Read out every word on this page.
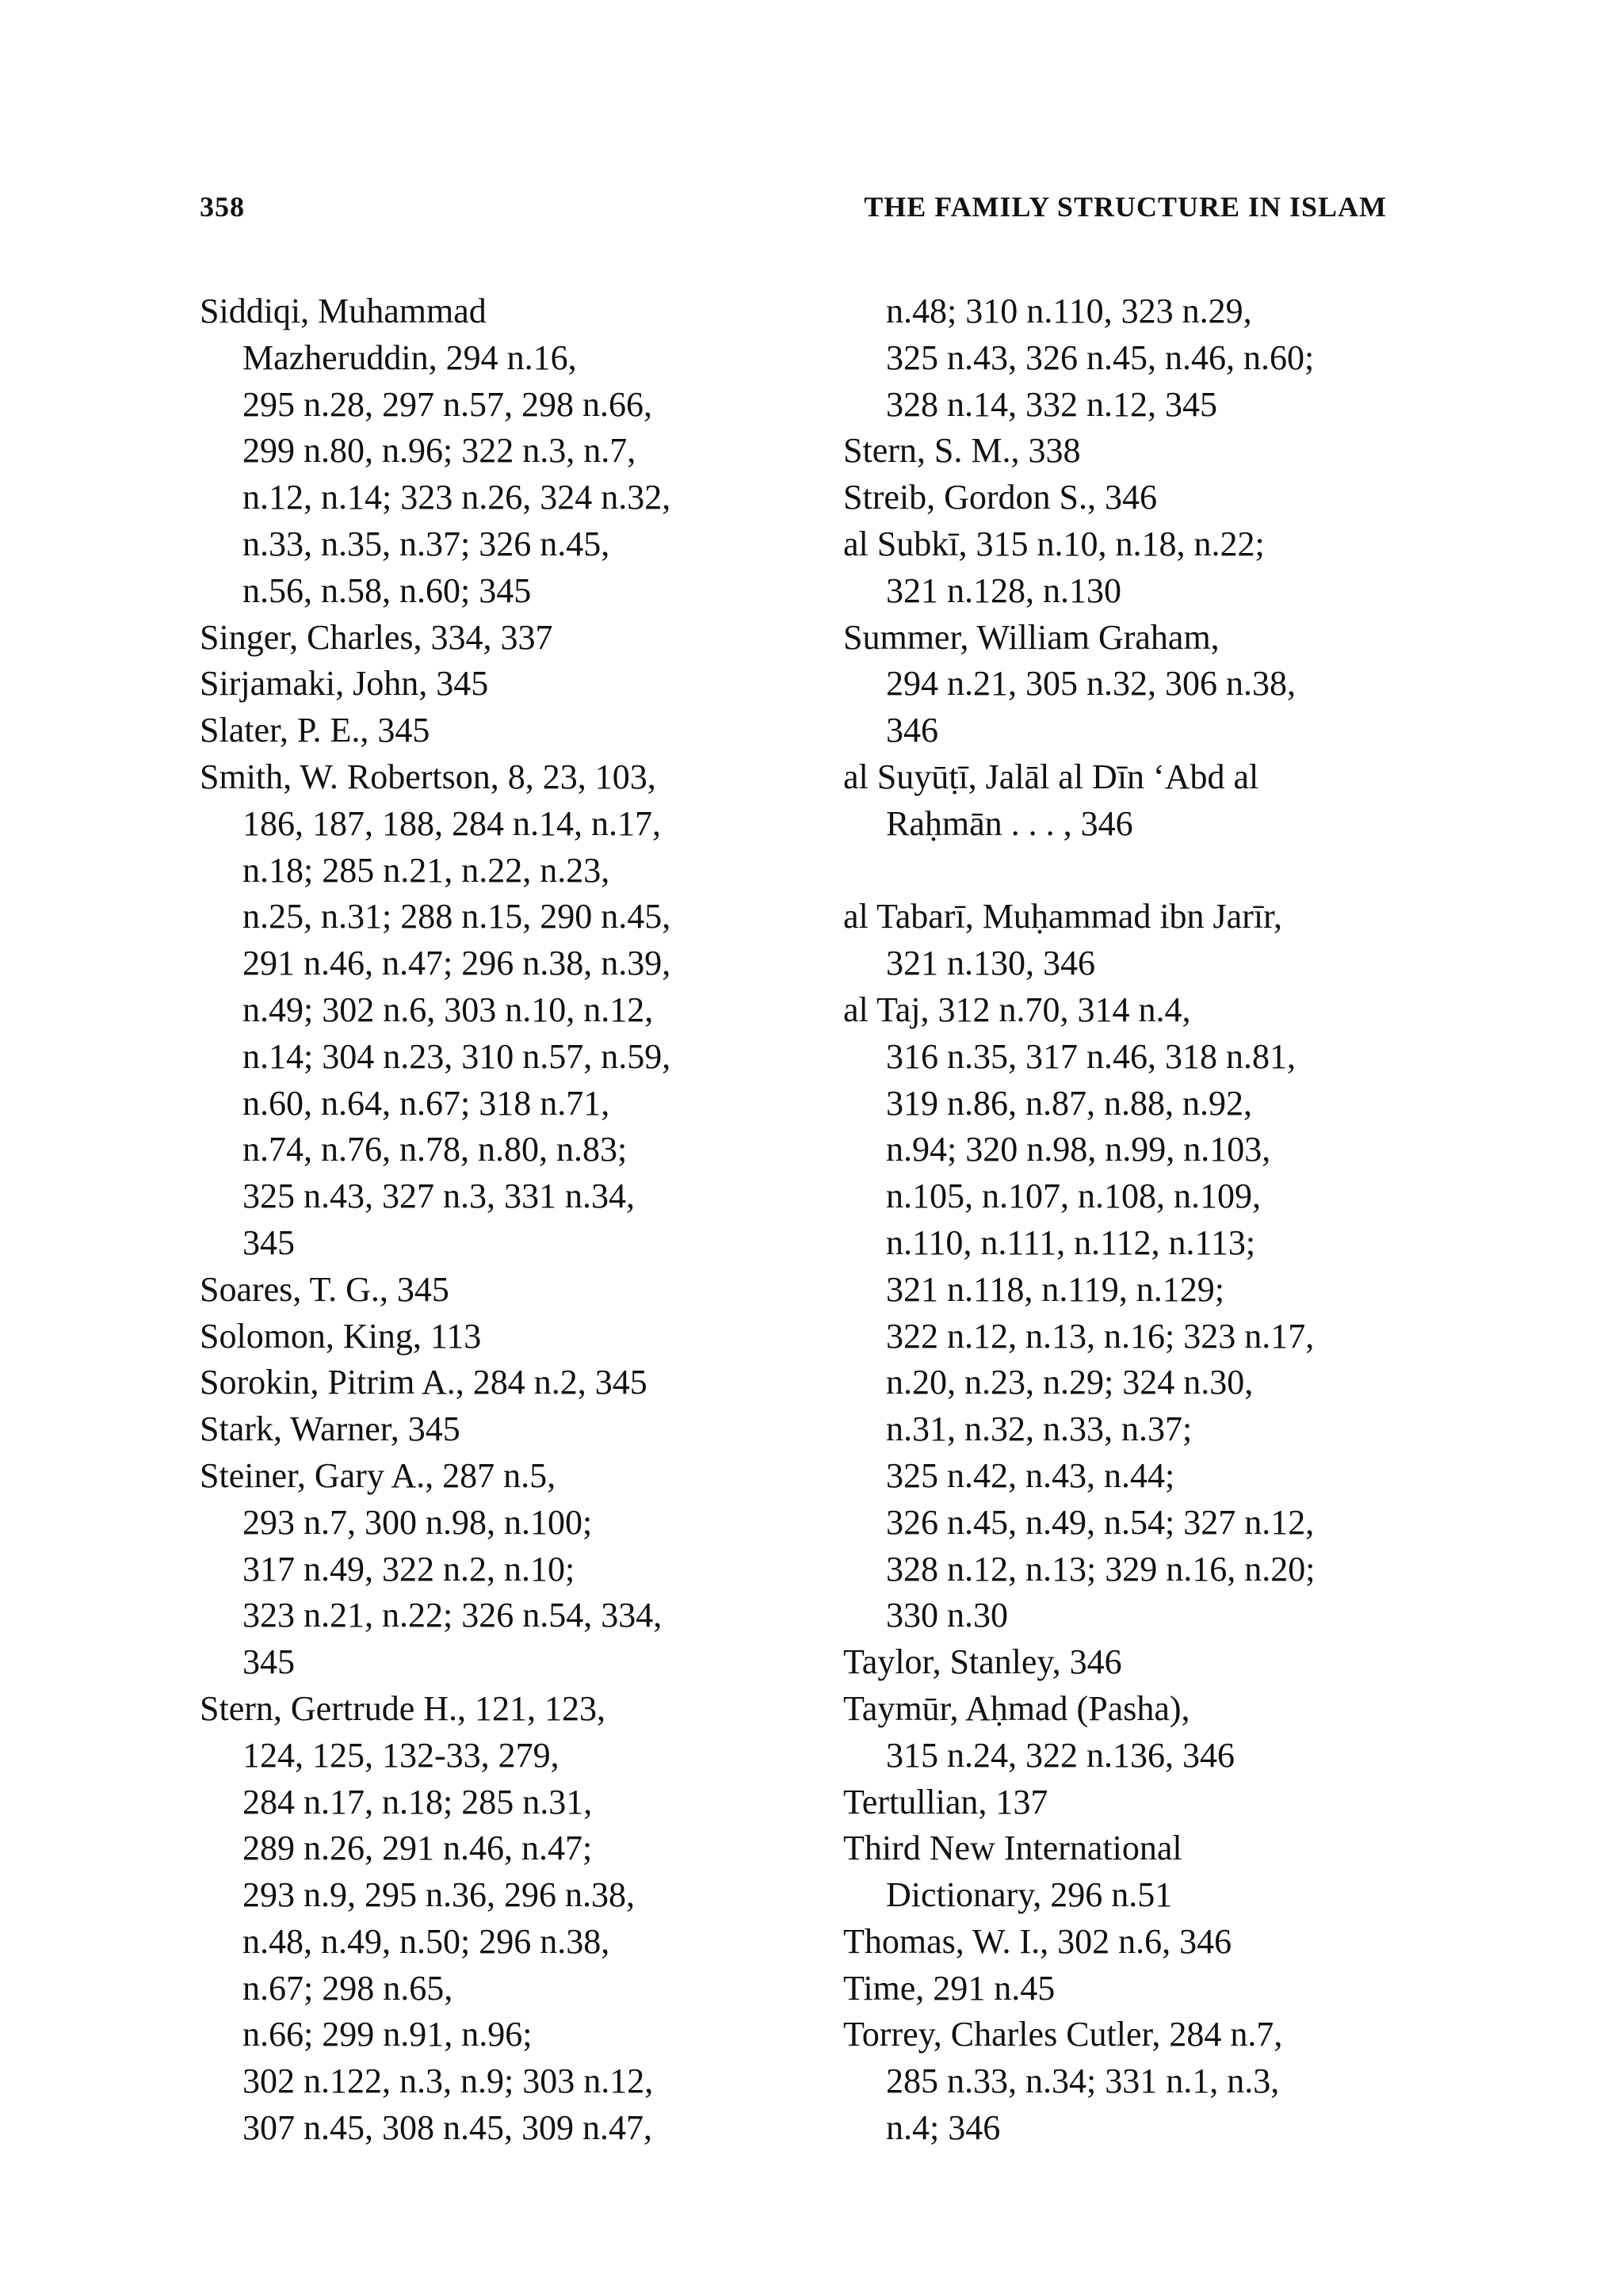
358	THE FAMILY STRUCTURE IN ISLAM
Siddiqi, Muhammad
Mazheruddin, 294 n.16,
295 n.28, 297 n.57, 298 n.66,
299 n.80, n.96; 322 n.3, n.7,
n.12, n.14; 323 n.26, 324 n.32,
n.33, n.35, n.37; 326 n.45,
n.56, n.58, n.60; 345
Singer, Charles, 334, 337
Sirjamaki, John, 345
Slater, P. E., 345
Smith, W. Robertson, 8, 23, 103,
186, 187, 188, 284 n.14, n.17,
n.18; 285 n.21, n.22, n.23,
n.25, n.31; 288 n.15, 290 n.45,
291 n.46, n.47; 296 n.38, n.39,
n.49; 302 n.6, 303 n.10, n.12,
n.14; 304 n.23, 310 n.57, n.59,
n.60, n.64, n.67; 318 n.71,
n.74, n.76, n.78, n.80, n.83;
325 n.43, 327 n.3, 331 n.34,
345
Soares, T. G., 345
Solomon, King, 113
Sorokin, Pitrim A., 284 n.2, 345
Stark, Warner, 345
Steiner, Gary A., 287 n.5,
293 n.7, 300 n.98, n.100;
317 n.49, 322 n.2, n.10;
323 n.21, n.22; 326 n.54, 334,
345
Stern, Gertrude H., 121, 123,
124, 125, 132-33, 279,
284 n.17, n.18; 285 n.31,
289 n.26, 291 n.46, n.47;
293 n.9, 295 n.36, 296 n.38,
n.48, n.49, n.50; 296 n.38,
n.67; 298 n.65,
n.66; 299 n.91, n.96;
302 n.122, n.3, n.9; 303 n.12,
307 n.45, 308 n.45, 309 n.47,
n.48; 310 n.110, 323 n.29,
325 n.43, 326 n.45, n.46, n.60;
328 n.14, 332 n.12, 345
Stern, S. M., 338
Streib, Gordon S., 346
al Subkī, 315 n.10, n.18, n.22;
321 n.128, n.130
Summer, William Graham,
294 n.21, 305 n.32, 306 n.38,
346
al Suyūṭī, Jalāl al Dīn ‘Abd al
Raḥmān . . . , 346
al Tabarī, Muḥammad ibn Jarīr,
321 n.130, 346
al Taj, 312 n.70, 314 n.4,
316 n.35, 317 n.46, 318 n.81,
319 n.86, n.87, n.88, n.92,
n.94; 320 n.98, n.99, n.103,
n.105, n.107, n.108, n.109,
n.110, n.111, n.112, n.113;
321 n.118, n.119, n.129;
322 n.12, n.13, n.16; 323 n.17,
n.20, n.23, n.29; 324 n.30,
n.31, n.32, n.33, n.37;
325 n.42, n.43, n.44;
326 n.45, n.49, n.54; 327 n.12,
328 n.12, n.13; 329 n.16, n.20;
330 n.30
Taylor, Stanley, 346
Taymūr, Aḥmad (Pasha),
315 n.24, 322 n.136, 346
Tertullian, 137
Third New International
Dictionary, 296 n.51
Thomas, W. I., 302 n.6, 346
Time, 291 n.45
Torrey, Charles Cutler, 284 n.7,
285 n.33, n.34; 331 n.1, n.3,
n.4; 346
